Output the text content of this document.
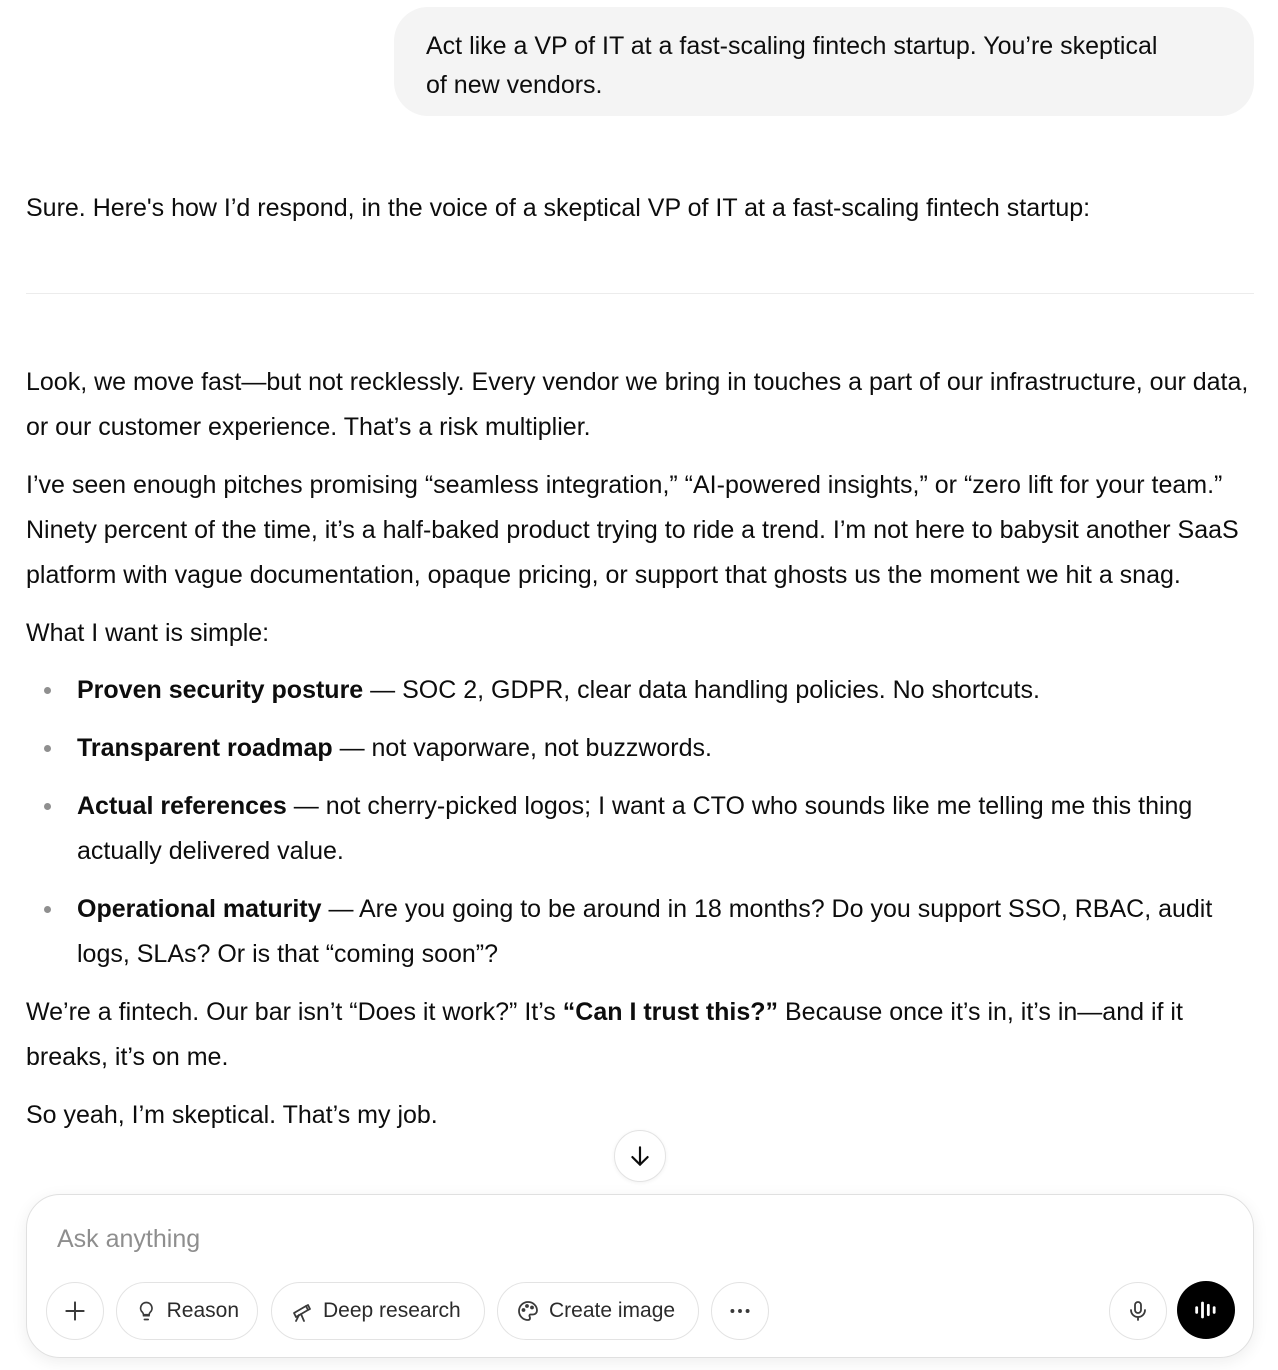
Act like a VP of IT at a fast-scaling fintech startup. You’re skeptical
of new vendors.
Sure. Here's how I’d respond, in the voice of a skeptical VP of IT at a fast-scaling fintech startup:

Look, we move fast—but not recklessly. Every vendor we bring in touches a part of our infrastructure, our data, or our customer experience. That’s a risk multiplier.

I’ve seen enough pitches promising “seamless integration,” “AI-powered insights,” or “zero lift for your team.” Ninety percent of the time, it’s a half-baked product trying to ride a trend. I’m not here to babysit another SaaS platform with vague documentation, opaque pricing, or support that ghosts us the moment we hit a snag.

What I want is simple:

Proven security posture — SOC 2, GDPR, clear data handling policies. No shortcuts.
Transparent roadmap — not vaporware, not buzzwords.
Actual references — not cherry-picked logos; I want a CTO who sounds like me telling me this thing actually delivered value.
Operational maturity — Are you going to be around in 18 months? Do you support SSO, RBAC, audit logs, SLAs? Or is that “coming soon”?

We’re a fintech. Our bar isn’t “Does it work?” It’s “Can I trust this?” Because once it’s in, it’s in—and if it breaks, it’s on me.

So yeah, I’m skeptical. That’s my job.

Ask anything
Reason	Deep research	Create image
